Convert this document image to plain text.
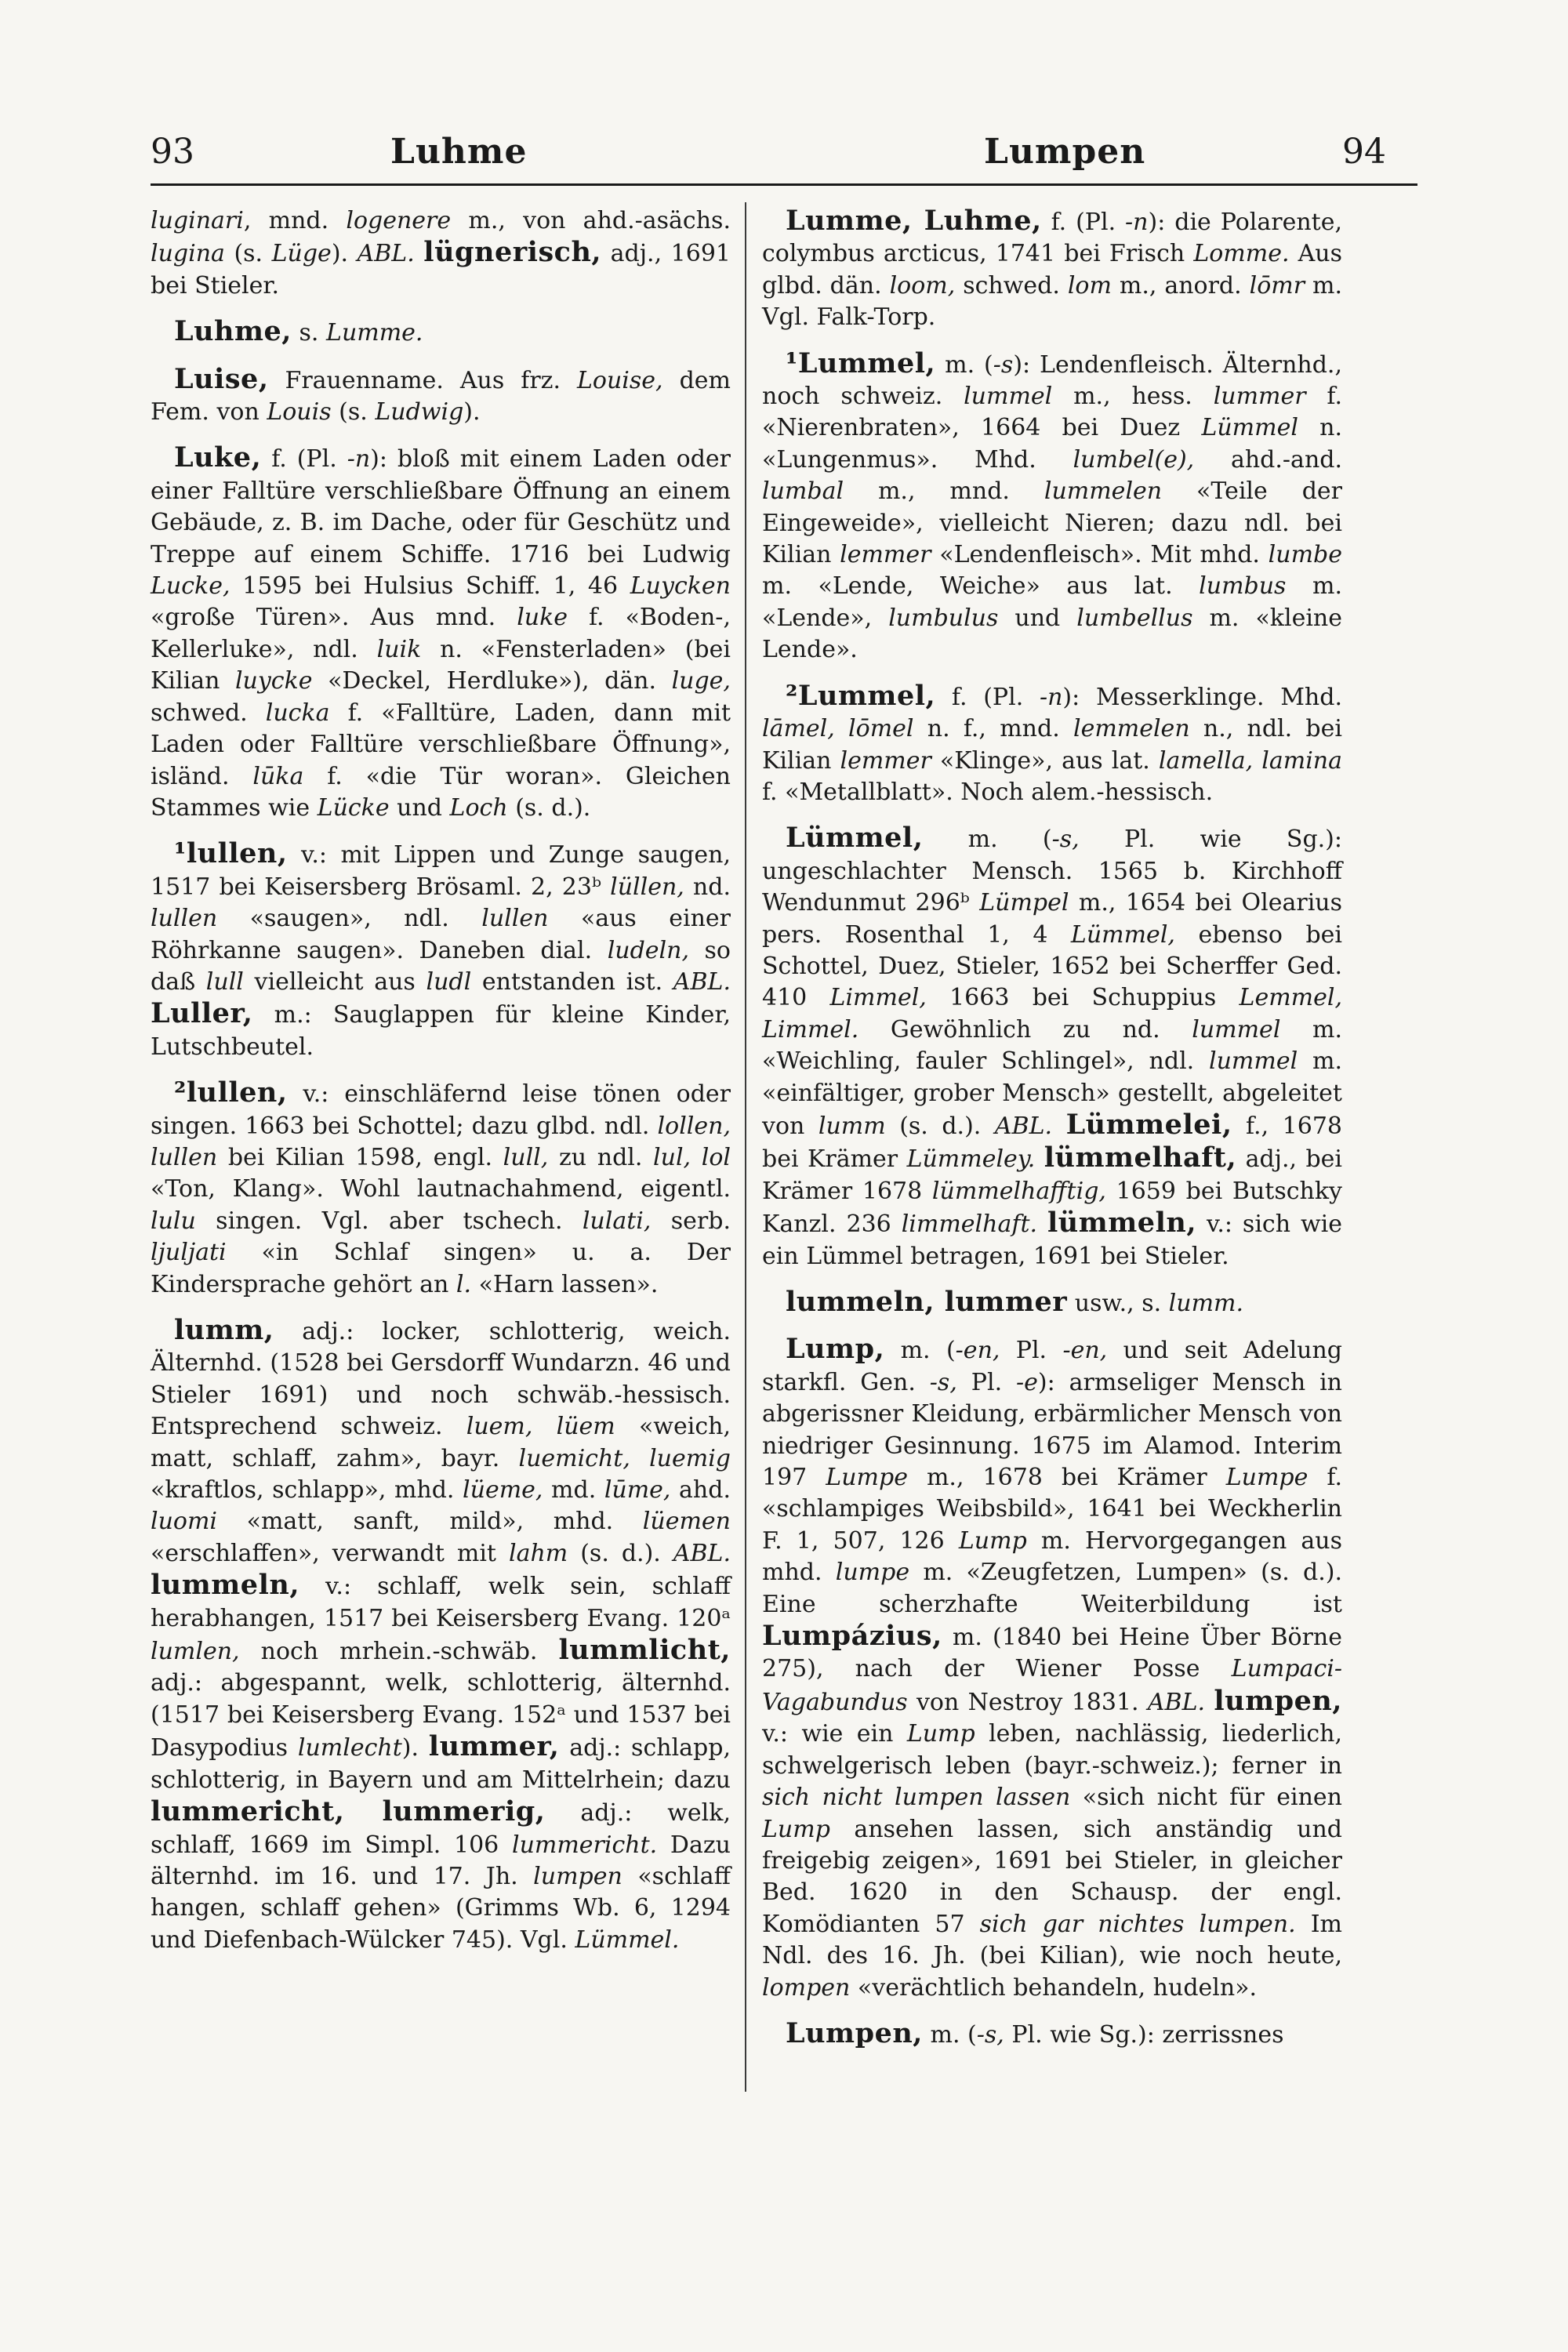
93	Luhme	Lumpen	94

luginari, mnd. logenere m., von ahd.-asächs. lugina (s. Lüge). ABL. lügnerisch, adj., 1691 bei Stieler.

Luhme, s. Lumme.

Luise, Frauenname. Aus frz. Louise, dem Fem. von Louis (s. Ludwig).

Luke, f. (Pl. -n): bloß mit einem Laden oder einer Falltüre verschließbare Öffnung an einem Gebäude, z. B. im Dache, oder für Geschütz und Treppe auf einem Schiffe. 1716 bei Ludwig Lucke, 1595 bei Hulsius Schiff. 1, 46 Luycken «große Türen». Aus mnd. luke f. «Boden-, Kellerluke», ndl. luik n. «Fensterladen» (bei Kilian luycke «Deckel, Herdluke»), dän. luge, schwed. lucka f. «Falltüre, Laden, dann mit Laden oder Falltüre verschließbare Öffnung», isländ. lūka f. «die Tür woran». Gleichen Stammes wie Lücke und Loch (s. d.).

¹lullen, v.: mit Lippen und Zunge saugen, 1517 bei Keisersberg Brösaml. 2, 23ᵇ lüllen, nd. lullen «saugen», ndl. lullen «aus einer Röhrkanne saugen». Daneben dial. ludeln, so daß lull vielleicht aus ludl entstanden ist. ABL. Luller, m.: Sauglappen für kleine Kinder, Lutschbeutel.

²lullen, v.: einschläfernd leise tönen oder singen. 1663 bei Schottel; dazu glbd. ndl. lollen, lullen bei Kilian 1598, engl. lull, zu ndl. lul, lol «Ton, Klang». Wohl lautnachahmend, eigentl. lulu singen. Vgl. aber tschech. lulati, serb. ljuljati «in Schlaf singen» u. a. Der Kindersprache gehört an l. «Harn lassen».

lumm, adj.: locker, schlotterig, weich. Älternhd. (1528 bei Gersdorff Wundarzn. 46 und Stieler 1691) und noch schwäb.-hessisch. Entsprechend schweiz. luem, lüem «weich, matt, schlaff, zahm», bayr. luemicht, luemig «kraftlos, schlapp», mhd. lüeme, md. lūme, ahd. luomi «matt, sanft, mild», mhd. lüemen «erschlaffen», verwandt mit lahm (s. d.). ABL. lummeln, v.: schlaff, welk sein, schlaff herabhangen, 1517 bei Keisersberg Evang. 120ᵃ lumlen, noch mrhein.-schwäb. lummlicht, adj.: abgespannt, welk, schlotterig, älternhd. (1517 bei Keisersberg Evang. 152ᵃ und 1537 bei Dasypodius lumlecht). lummer, adj.: schlapp, schlotterig, in Bayern und am Mittelrhein; dazu lummericht, lummerig, adj.: welk, schlaff, 1669 im Simpl. 106 lummericht. Dazu älternhd. im 16. und 17. Jh. lumpen «schlaff hangen, schlaff gehen» (Grimms Wb. 6, 1294 und Diefenbach-Wülcker 745). Vgl. Lümmel.

Lumme, Luhme, f. (Pl. -n): die Polarente, colymbus arcticus, 1741 bei Frisch Lomme. Aus glbd. dän. loom, schwed. lom m., anord. lōmr m. Vgl. Falk-Torp.

¹Lummel, m. (-s): Lendenfleisch. Älternhd., noch schweiz. lummel m., hess. lummer f. «Nierenbraten», 1664 bei Duez Lümmel n. «Lungenmus». Mhd. lumbel(e), ahd.-and. lumbal m., mnd. lummelen «Teile der Eingeweide», vielleicht Nieren; dazu ndl. bei Kilian lemmer «Lendenfleisch». Mit mhd. lumbe m. «Lende, Weiche» aus lat. lumbus m. «Lende», lumbulus und lumbellus m. «kleine Lende».

²Lummel, f. (Pl. -n): Messerklinge. Mhd. lāmel, lōmel n. f., mnd. lemmelen n., ndl. bei Kilian lemmer «Klinge», aus lat. lamella, lamina f. «Metallblatt». Noch alem.-hessisch.

Lümmel, m. (-s, Pl. wie Sg.): ungeschlachter Mensch. 1565 b. Kirchhoff Wendunmut 296ᵇ Lümpel m., 1654 bei Olearius pers. Rosenthal 1, 4 Lümmel, ebenso bei Schottel, Duez, Stieler, 1652 bei Scherffer Ged. 410 Limmel, 1663 bei Schuppius Lemmel, Limmel. Gewöhnlich zu nd. lummel m. «Weichling, fauler Schlingel», ndl. lummel m. «einfältiger, grober Mensch» gestellt, abgeleitet von lumm (s. d.). ABL. Lümmelei, f., 1678 bei Krämer Lümmeley. lümmelhaft, adj., bei Krämer 1678 lümmelhafftig, 1659 bei Butschky Kanzl. 236 limmelhaft. lümmeln, v.: sich wie ein Lümmel betragen, 1691 bei Stieler.

lummeln, lummer usw., s. lumm.

Lump, m. (-en, Pl. -en, und seit Adelung starkfl. Gen. -s, Pl. -e): armseliger Mensch in abgerissner Kleidung, erbärmlicher Mensch von niedriger Gesinnung. 1675 im Alamod. Interim 197 Lumpe m., 1678 bei Krämer Lumpe f. «schlampiges Weibsbild», 1641 bei Weckherlin F. 1, 507, 126 Lump m. Hervorgegangen aus mhd. lumpe m. «Zeugfetzen, Lumpen» (s. d.). Eine scherzhafte Weiterbildung ist Lumpázius, m. (1840 bei Heine Über Börne 275), nach der Wiener Posse Lumpaci-Vagabundus von Nestroy 1831. ABL. lumpen, v.: wie ein Lump leben, nachlässig, liederlich, schwelgerisch leben (bayr.-schweiz.); ferner in sich nicht lumpen lassen «sich nicht für einen Lump ansehen lassen, sich anständig und freigebig zeigen», 1691 bei Stieler, in gleicher Bed. 1620 in den Schausp. der engl. Komödianten 57 sich gar nichtes lumpen. Im Ndl. des 16. Jh. (bei Kilian), wie noch heute, lompen «verächtlich behandeln, hudeln».

Lumpen, m. (-s, Pl. wie Sg.): zerrissnes
